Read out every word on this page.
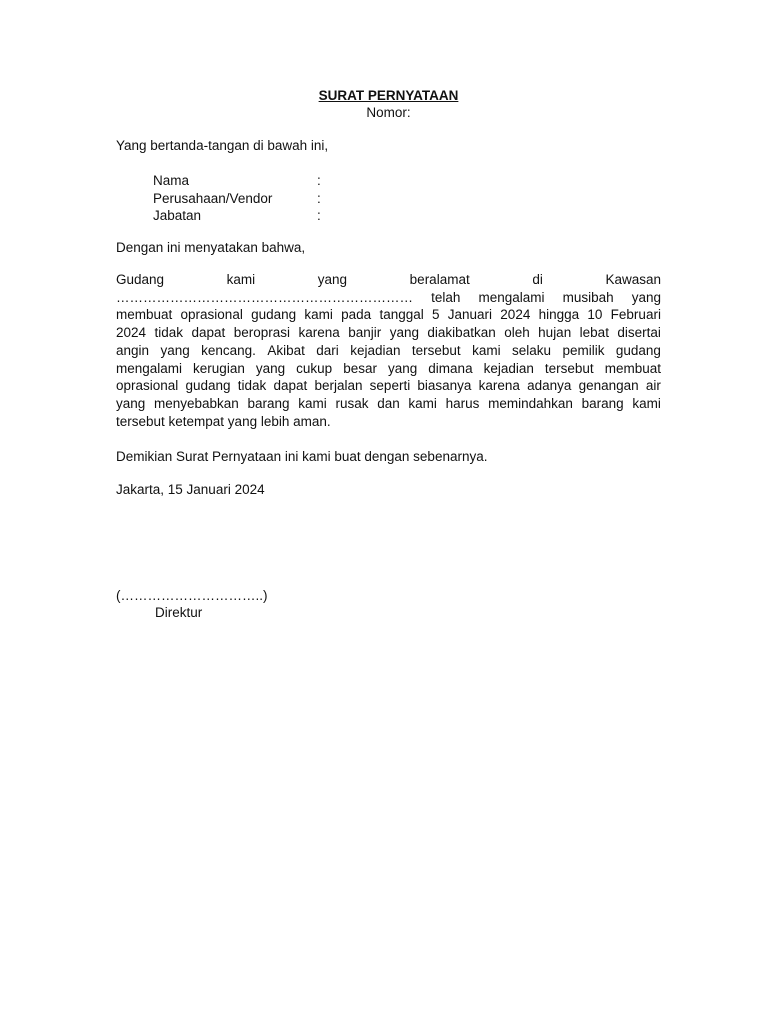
SURAT PERNYATAAN
Nomor:
Yang bertanda-tangan di bawah ini,
Nama	:
Perusahaan/Vendor	:
Jabatan	:
Dengan ini menyatakan bahwa,
Gudang	kami	yang	beralamat	di	Kawasan
………………………………………………………… telah mengalami musibah yang
membuat oprasional gudang kami pada tanggal 5 Januari 2024 hingga 10 Februari
2024 tidak dapat beroprasi karena banjir yang diakibatkan oleh hujan lebat disertai
angin yang kencang. Akibat dari kejadian tersebut kami selaku pemilik gudang
mengalami kerugian yang cukup besar yang dimana kejadian tersebut membuat
oprasional gudang tidak dapat berjalan seperti biasanya karena adanya genangan air
yang menyebabkan barang kami rusak dan kami harus memindahkan barang kami
tersebut ketempat yang lebih aman.
Demikian Surat Pernyataan ini kami buat dengan sebenarnya.
Jakarta, 15 Januari 2024
(…………………………..)
Direktur
